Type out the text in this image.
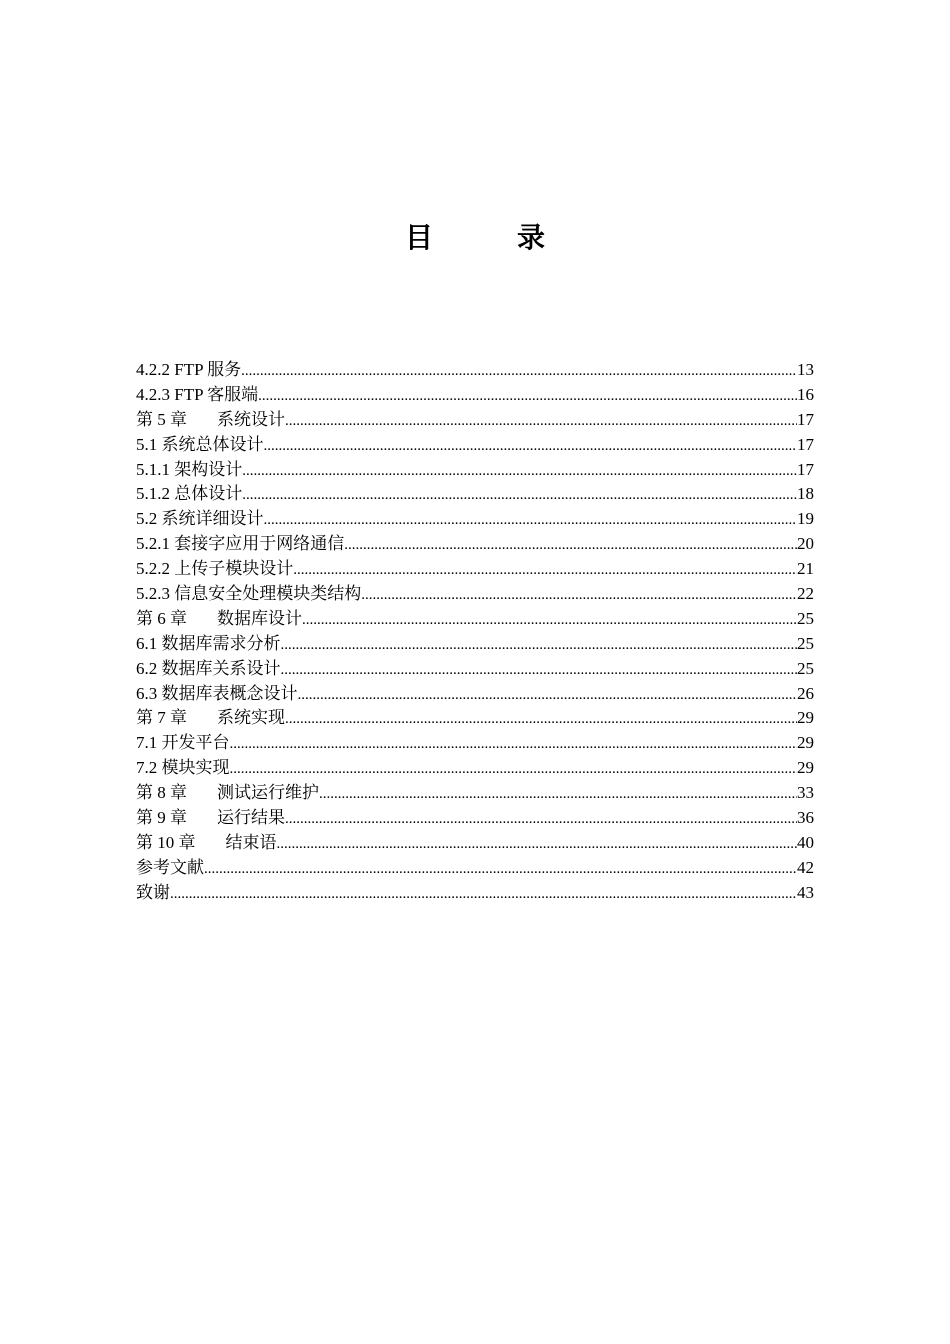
目　录
4.2.2 FTP 服务 .....	13
4.2.3 FTP 客服端 .....	16
第 5 章 系统设计 .....	17
5.1 系统总体设计 .....	17
5.1.1 架构设计 .....	17
5.1.2 总体设计 .....	18
5.2 系统详细设计 .....	19
5.2.1 套接字应用于网络通信 .....	20
5.2.2 上传子模块设计 .....	21
5.2.3 信息安全处理模块类结构 .....	22
第 6 章 数据库设计 .....	25
6.1 数据库需求分析 .....	25
6.2 数据库关系设计 .....	25
6.3 数据库表概念设计 .....	26
第 7 章 系统实现 .....	29
7.1 开发平台 .....	29
7.2 模块实现 .....	29
第 8 章 测试运行维护 .....	33
第 9 章 运行结果 .....	36
第 10 章 结束语 .....	40
参考文献 .....	42
致谢 .....	43
